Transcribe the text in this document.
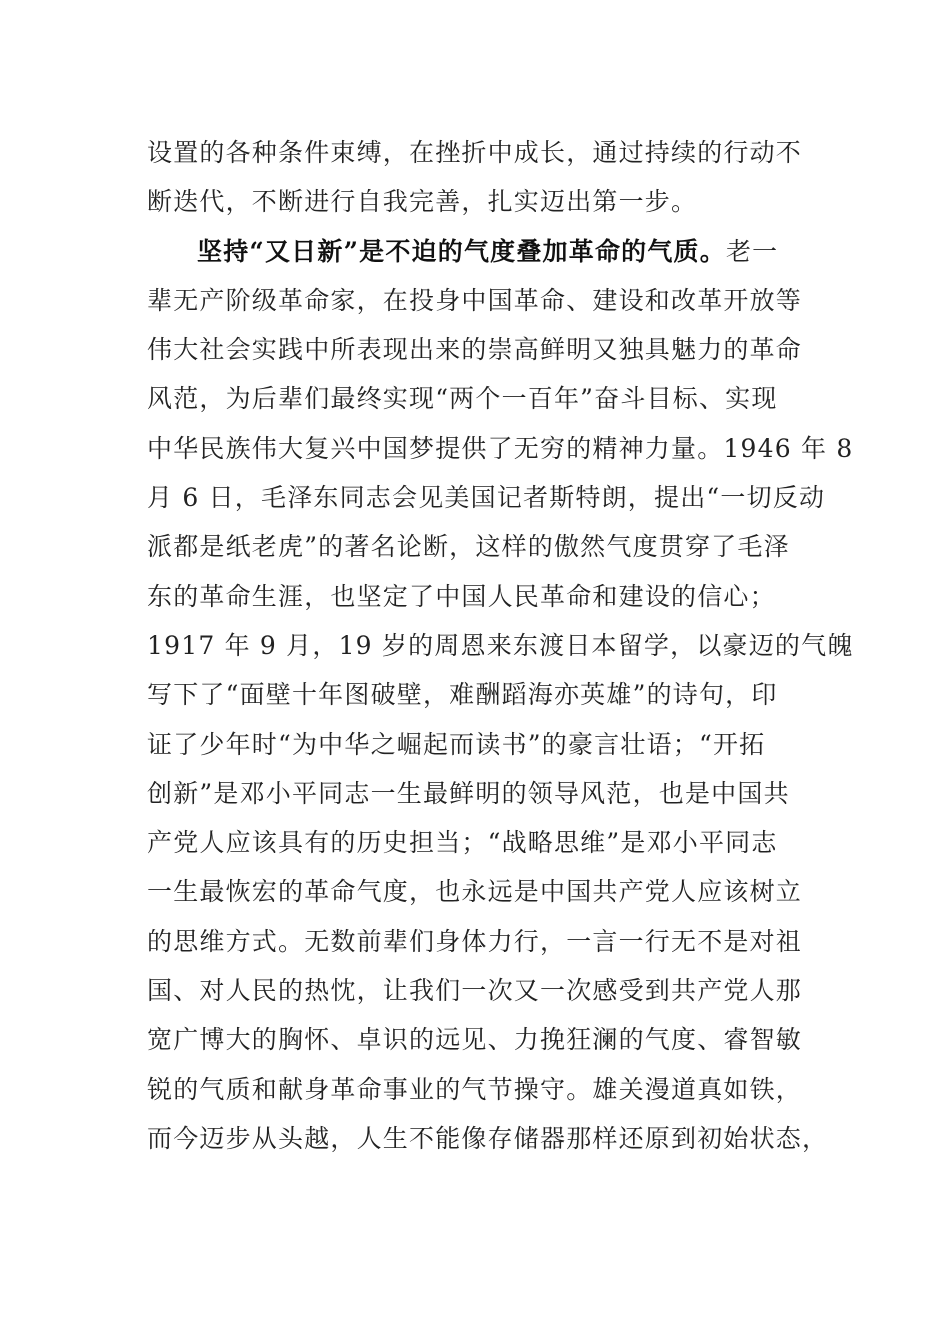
设置的各种条件束缚，在挫折中成长，通过持续的行动不
断迭代，不断进行自我完善，扎实迈出第一步。
坚持“又日新”是不迫的气度叠加革命的气质。老一
辈无产阶级革命家，在投身中国革命、建设和改革开放等
伟大社会实践中所表现出来的崇高鲜明又独具魅力的革命
风范，为后辈们最终实现“两个一百年”奋斗目标、实现
中华民族伟大复兴中国梦提供了无穷的精神力量。1946 年 8
月 6 日，毛泽东同志会见美国记者斯特朗，提出“一切反动
派都是纸老虎”的著名论断，这样的傲然气度贯穿了毛泽
东的革命生涯，也坚定了中国人民革命和建设的信心；
1917 年 9 月，19 岁的周恩来东渡日本留学，以豪迈的气魄
写下了“面壁十年图破壁，难酬蹈海亦英雄”的诗句，印
证了少年时“为中华之崛起而读书”的豪言壮语；“开拓
创新”是邓小平同志一生最鲜明的领导风范，也是中国共
产党人应该具有的历史担当；“战略思维”是邓小平同志
一生最恢宏的革命气度，也永远是中国共产党人应该树立
的思维方式。无数前辈们身体力行，一言一行无不是对祖
国、对人民的热忱，让我们一次又一次感受到共产党人那
宽广博大的胸怀、卓识的远见、力挽狂澜的气度、睿智敏
锐的气质和献身革命事业的气节操守。雄关漫道真如铁，
而今迈步从头越，人生不能像存储器那样还原到初始状态，
